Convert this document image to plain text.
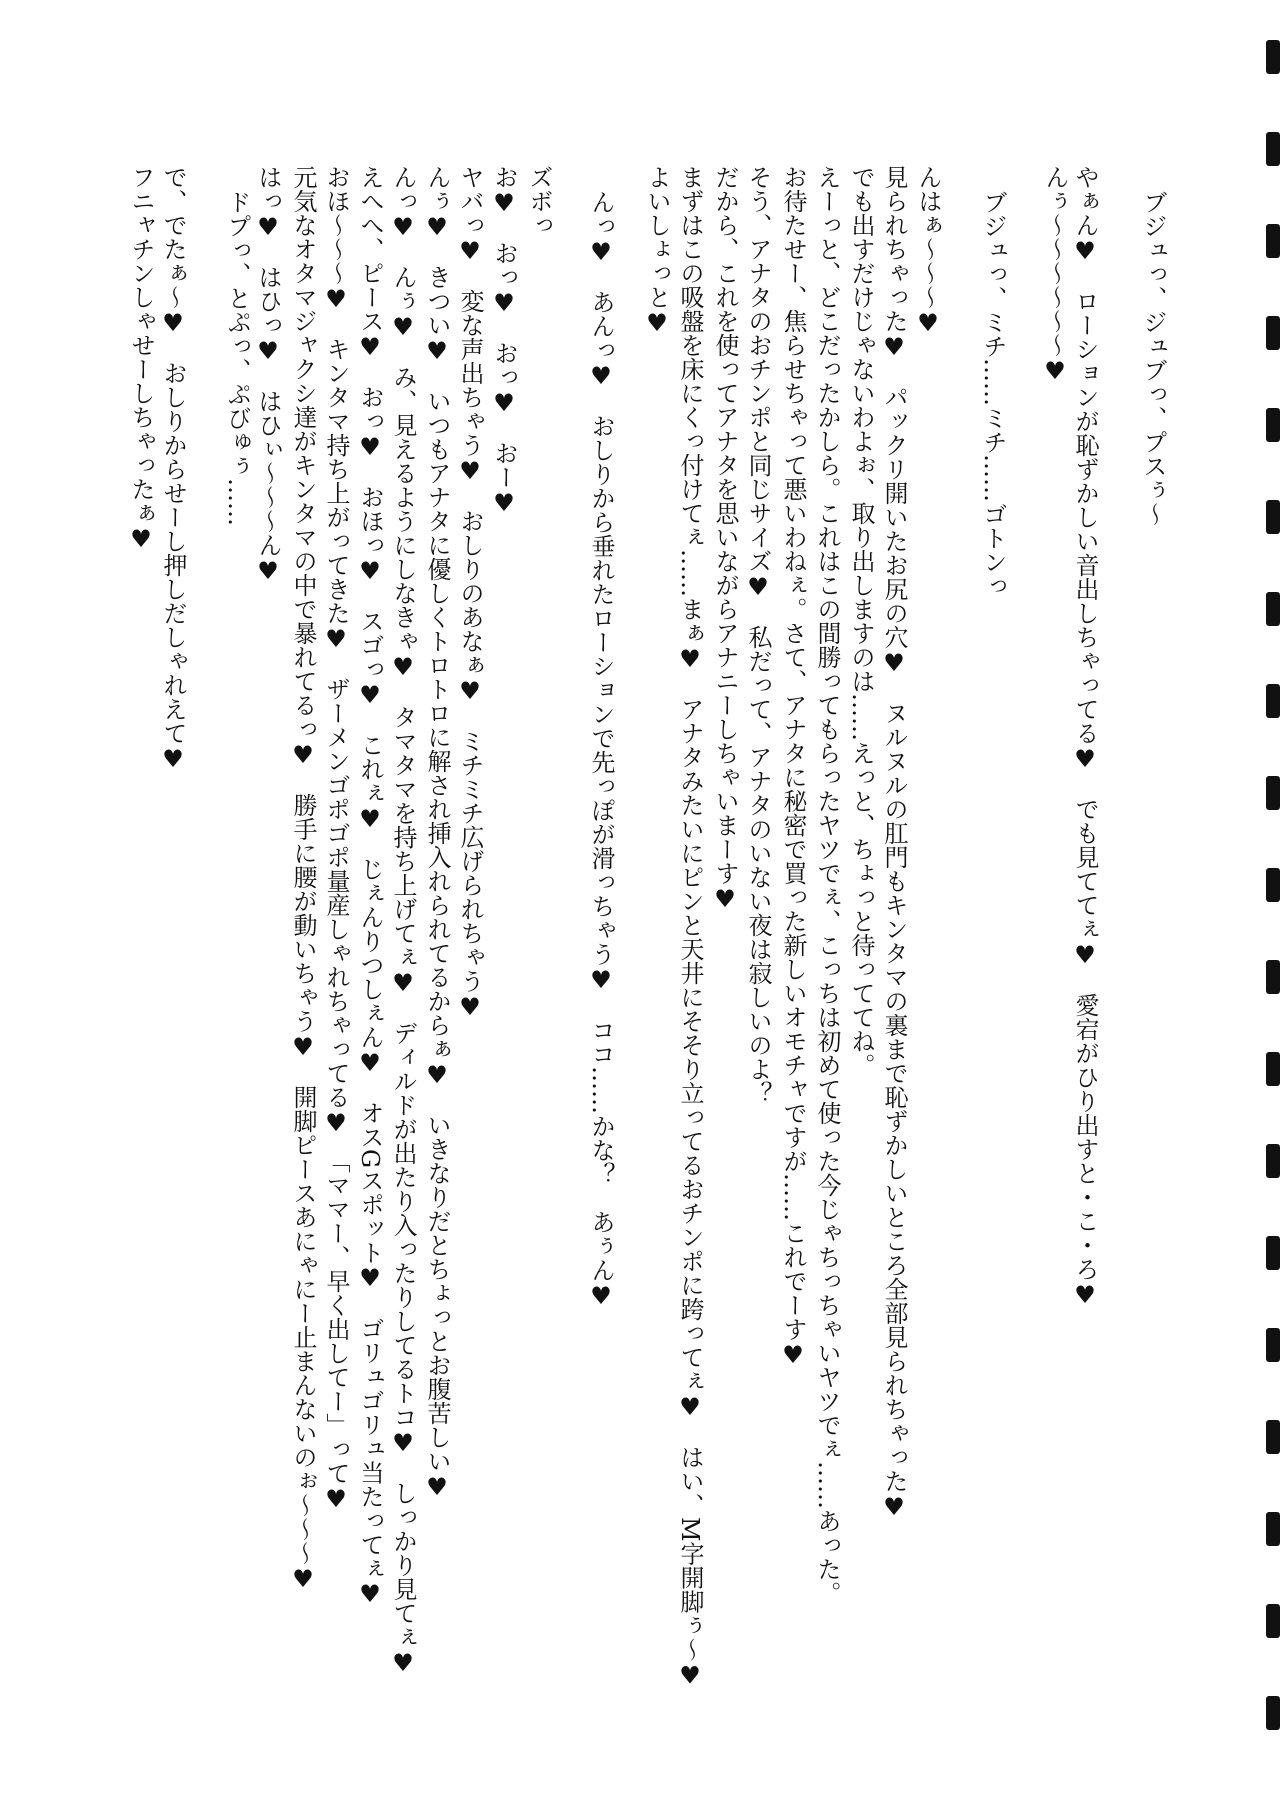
ブジュっ、ジュブっ、プスぅ～
やぁん♥　ローションが恥ずかしい音出しちゃってる♥　でも見ててぇ♥　愛宕がひり出すと・こ・ろ♥
んぅ～～～～～～♥
ブジュっ、ミチ……ミチ……ゴトンっ
んはぁ～～～♥
見られちゃった♥　パックリ開いたお尻の穴♥　ヌルヌルの肛門もキンタマの裏まで恥ずかしいところ全部見られちゃった♥
でも出すだけじゃないわよぉ、取り出しますのは……えっと、ちょっと待っててね。
えーっと、どこだったかしら。これはこの間勝ってもらったヤツでぇ、こっちは初めて使った今じゃちっちゃいヤツでぇ……あった。
お待たせー、焦らせちゃって悪いわねぇ。さて、アナタに秘密で買った新しいオモチャですが……これでーす♥
そう、アナタのおチンポと同じサイズ♥　私だって、アナタのいない夜は寂しいのよ？
だから、これを使ってアナタを思いながらアナニーしちゃいまーす♥
まずはこの吸盤を床にくっ付けてぇ……まぁ♥　アナタみたいにピンと天井にそそり立ってるおチンポに跨ってぇ♥　はい、M字開脚ぅ～♥
よいしょっと♥
んっ♥　あんっ♥　おしりから垂れたローションで先っぽが滑っちゃう♥　ココ……かな？　あぅん♥
ズボっ
お♥　おっ♥　おっ♥　おー♥
ヤバっ♥　変な声出ちゃう♥　おしりのあなぁ♥　ミチミチ広げられちゃう♥
んぅ♥　きつい♥　いつもアナタに優しくトロトロに解され挿入れられてるからぁ♥　いきなりだとちょっとお腹苦しい♥
んっ♥　んぅ♥　み、見えるようにしなきゃ♥　タマタマを持ち上げてぇ♥　ディルドが出たり入ったりしてるトコ♥　しっかり見てぇ♥
えへへ、ピース♥　おっ♥　おほっ♥　スゴっ♥　これぇ♥　じぇんりつしぇん♥　オスGスポット♥　ゴリュゴリュ当たってぇ♥
おほ～～～♥　キンタマ持ち上がってきた♥　ザーメンゴポゴポ量産しゃれちゃってる♥　「ママー、早く出してー」って♥
元気なオタマジャクシ達がキンタマの中で暴れてるっ♥　勝手に腰が動いちゃう♥　開脚ピースあにゃにー止まんないのぉ～～～♥
はっ♥　はひっ♥　はひぃ～～～ん♥
ドプっ、とぷっ、ぷびゅぅ……
で、でたぁ～♥　おしりからせーし押しだしゃれえて♥
フニャチンしゃせーしちゃったぁ♥
